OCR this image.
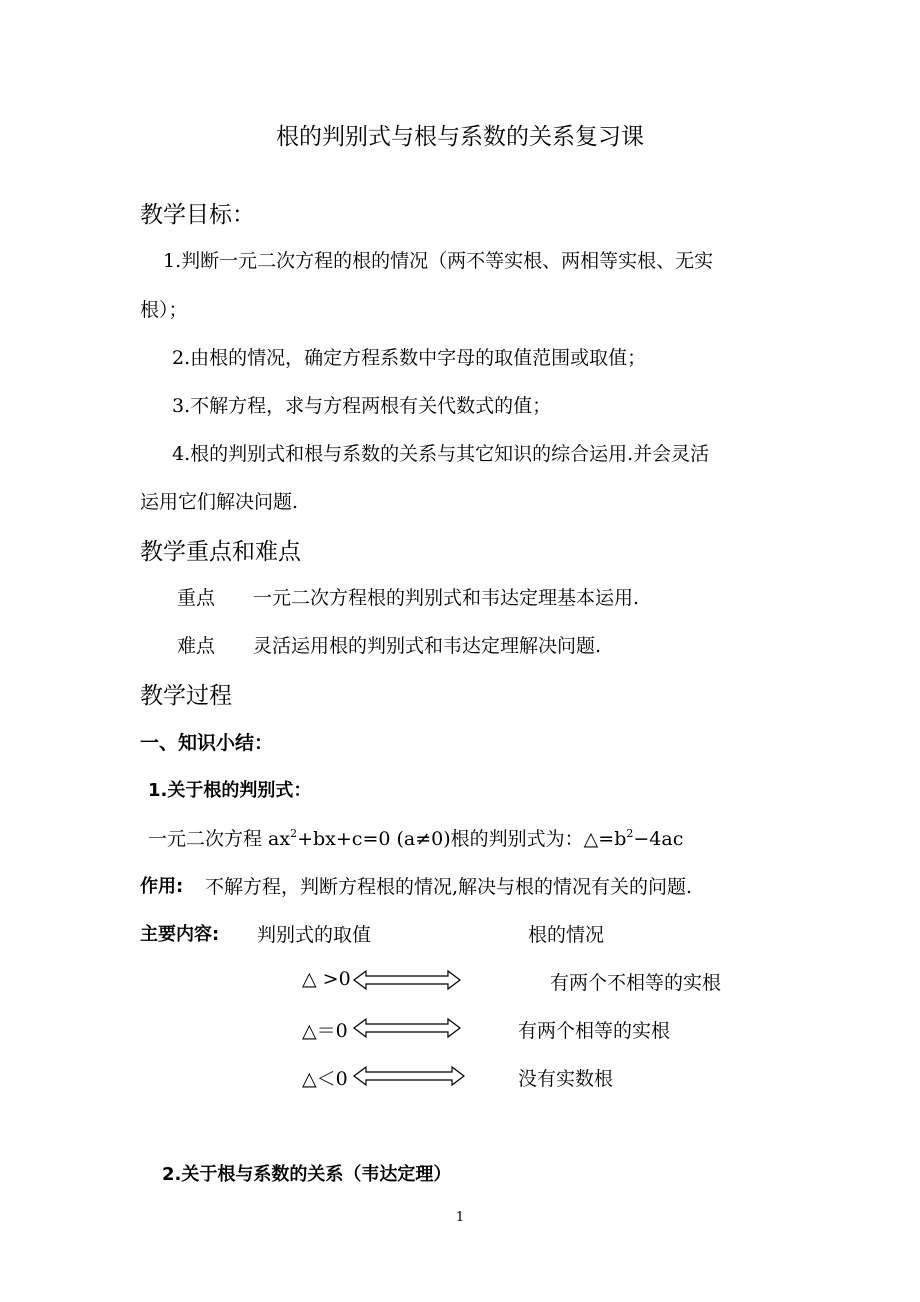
根的判别式与根与系数的关系复习课
教学目标：
1.判断一元二次方程的根的情况（两不等实根、两相等实根、无实
根）；
2.由根的情况，确定方程系数中字母的取值范围或取值；
3.不解方程，求与方程两根有关代数式的值；
4.根的判别式和根与系数的关系与其它知识的综合运用.并会灵活
运用它们解决问题.
教学重点和难点
重点 一元二次方程根的判别式和韦达定理基本运用.
难点 灵活运用根的判别式和韦达定理解决问题.
教学过程
一、知识小结：
1.关于根的判别式：
一元二次方程 $ax^2+bx+c=0$ (a≠0)根的判别式为：$\triangle=b^2-4ac$
作用: 不解方程，判断方程根的情况,解决与根的情况有关的问题.
主要内容: 判别式的取值	根的情况
△ >0	有两个不相等的实根
△＝0	有两个相等的实根
△＜0	没有实数根
2.关于根与系数的关系（韦达定理）
1
